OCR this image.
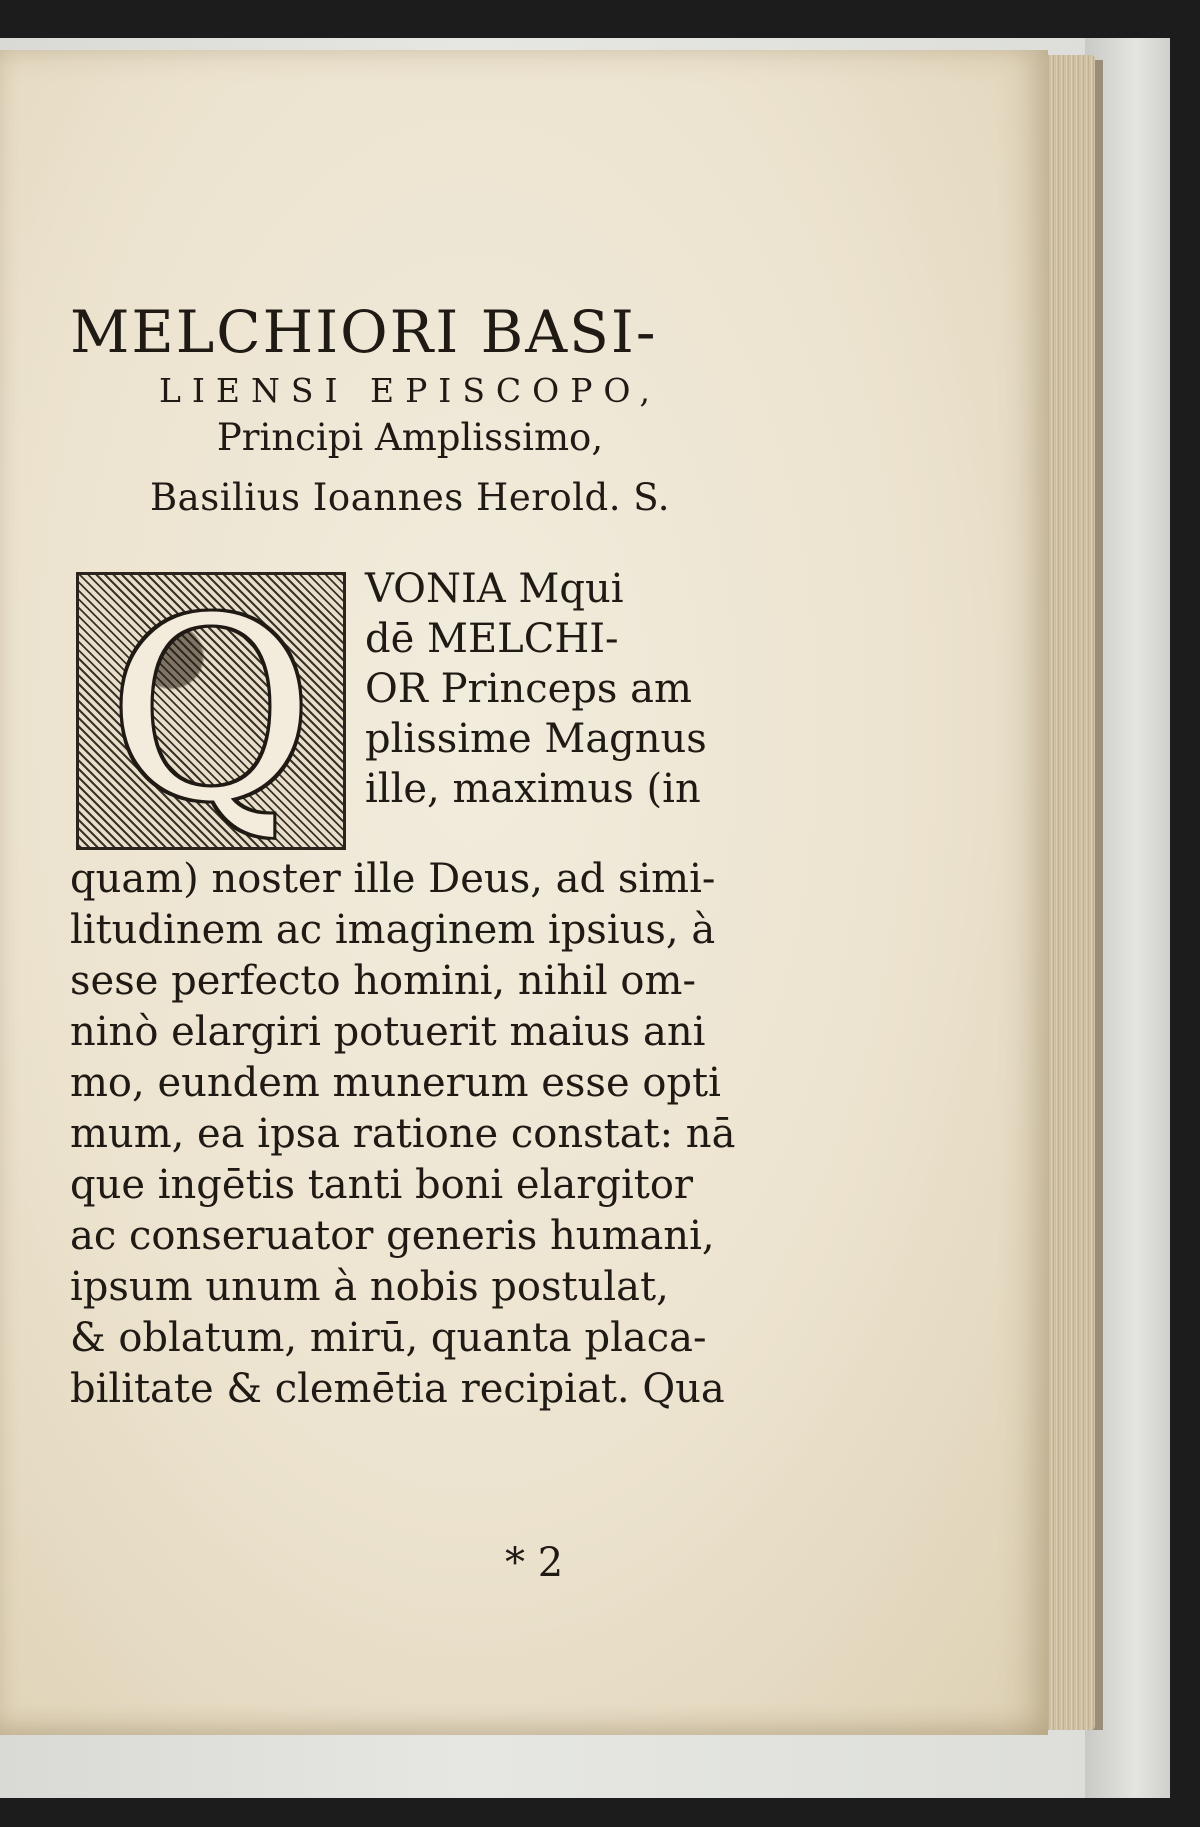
MELCHIORI BASI-
LIENSI EPISCOPO,
Principi Amplissimo,
Basilius Ioannes Herold. S.
Q	VONIA Mqui
dē MELCHI-
OR Princeps am
plissime Magnus
ille, maximus (in
quam) noster ille Deus, ad simi-
litudinem ac imaginem ipsius, à
sese perfecto homini, nihil om-
ninò elargiri potuerit maius ani
mo, eundem munerum esse opti
mum, ea ipsa ratione constat: nā
que ingētis tanti boni elargitor
ac conseruator generis humani,
ipsum unum à nobis postulat,
& oblatum, mirū, quanta placa-
bilitate & clemētia recipiat. Qua
* 2
